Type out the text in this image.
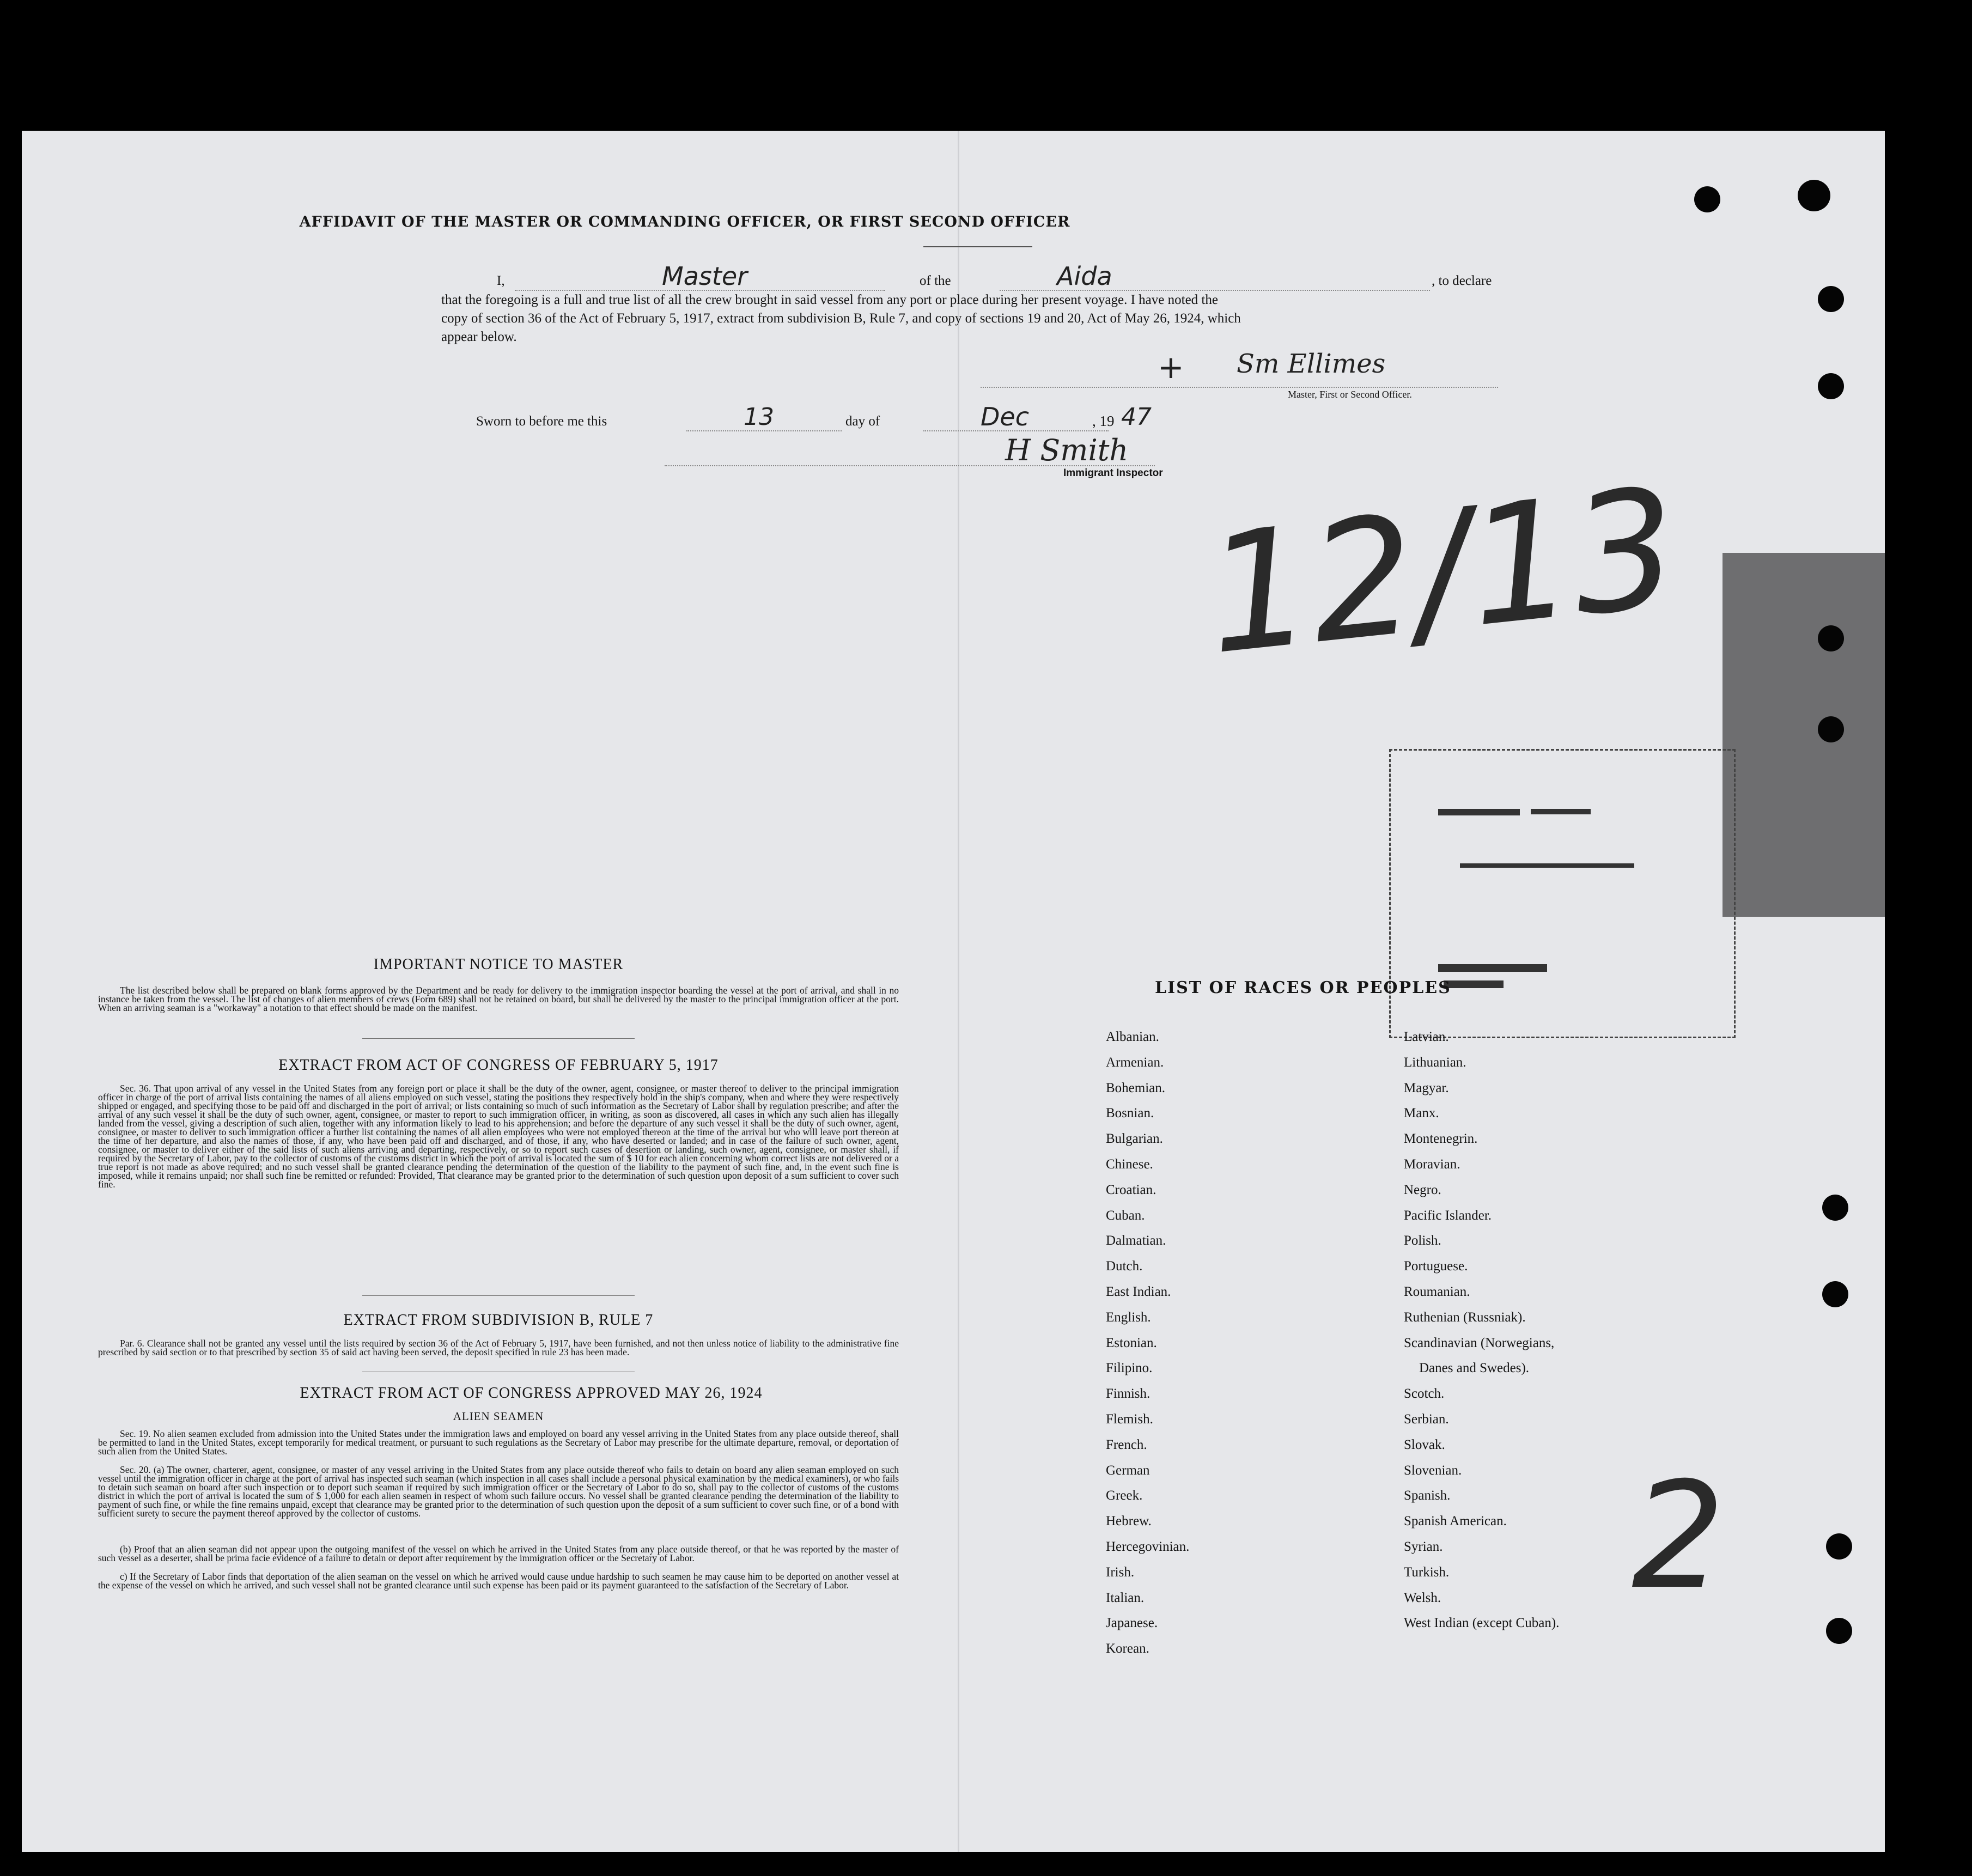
AFFIDAVIT OF THE MASTER OR COMMANDING OFFICER, OR FIRST SECOND OFFICER
I,	Master	of the	Aida	, to declare
that the foregoing is a full and true list of all the crew brought in said vessel from any port or place during her present voyage. I have noted the
copy of section 36 of the Act of February 5, 1917, extract from subdivision B, Rule 7, and copy of sections 19 and 20, Act of May 26, 1924, which
appear below.
+ Sm Ellimes
Master, First or Second Officer.
Sworn to before me this	13	day of	Dec	, 19 47
H Smith
Immigrant Inspector 12/13
2
IMPORTANT NOTICE TO MASTER
The list described below shall be prepared on blank forms approved by the Department and be ready for delivery to the immigration inspector boarding the vessel at the port of arrival, and shall in no instance be taken from the vessel. The list of changes of alien members of crews (Form 689) shall not be retained on board, but shall be delivered by the master to the principal immigration officer at the port. When an arriving seaman is a "workaway" a notation to that effect should be made on the manifest.
EXTRACT FROM ACT OF CONGRESS OF FEBRUARY 5, 1917
Sec. 36. That upon arrival of any vessel in the United States from any foreign port or place it shall be the duty of the owner, agent, consignee, or master thereof to deliver to the principal immigration officer in charge of the port of arrival lists containing the names of all aliens employed on such vessel, stating the positions they respectively hold in the ship's company, when and where they were respectively shipped or engaged, and specifying those to be paid off and discharged in the port of arrival; or lists containing so much of such information as the Secretary of Labor shall by regulation prescribe; and after the arrival of any such vessel it shall be the duty of such owner, agent, consignee, or master to report to such immigration officer, in writing, as soon as discovered, all cases in which any such alien has illegally landed from the vessel, giving a description of such alien, together with any information likely to lead to his apprehension; and before the departure of any such vessel it shall be the duty of such owner, agent, consignee, or master to deliver to such immigration officer a further list containing the names of all alien employees who were not employed thereon at the time of the arrival but who will leave port thereon at the time of her departure, and also the names of those, if any, who have been paid off and discharged, and of those, if any, who have deserted or landed; and in case of the failure of such owner, agent, consignee, or master to deliver either of the said lists of such aliens arriving and departing, respectively, or so to report such cases of desertion or landing, such owner, agent, consignee, or master shall, if required by the Secretary of Labor, pay to the collector of customs of the customs district in which the port of arrival is located the sum of $ 10 for each alien concerning whom correct lists are not delivered or a true report is not made as above required; and no such vessel shall be granted clearance pending the determination of the question of the liability to the payment of such fine, and, in the event such fine is imposed, while it remains unpaid; nor shall such fine be remitted or refunded: Provided, That clearance may be granted prior to the determination of such question upon deposit of a sum sufficient to cover such fine.
EXTRACT FROM SUBDIVISION B, RULE 7
Par. 6. Clearance shall not be granted any vessel until the lists required by section 36 of the Act of February 5, 1917, have been furnished, and not then unless notice of liability to the administrative fine prescribed by said section or to that prescribed by section 35 of said act having been served, the deposit specified in rule 23 has been made.
EXTRACT FROM ACT OF CONGRESS APPROVED MAY 26, 1924
ALIEN SEAMEN
Sec. 19. No alien seamen excluded from admission into the United States under the immigration laws and employed on board any vessel arriving in the United States from any place outside thereof, shall be permitted to land in the United States, except temporarily for medical treatment, or pursuant to such regulations as the Secretary of Labor may prescribe for the ultimate departure, removal, or deportation of such alien from the United States.
Sec. 20. (a) The owner, charterer, agent, consignee, or master of any vessel arriving in the United States from any place outside thereof who fails to detain on board any alien seaman employed on such vessel until the immigration officer in charge at the port of arrival has inspected such seaman (which inspection in all cases shall include a personal physical examination by the medical examiners), or who fails to detain such seaman on board after such inspection or to deport such seaman if required by such immigration officer or the Secretary of Labor to do so, shall pay to the collector of customs of the customs district in which the port of arrival is located the sum of $ 1,000 for each alien seamen in respect of whom such failure occurs. No vessel shall be granted clearance pending the determination of the liability to payment of such fine, or while the fine remains unpaid, except that clearance may be granted prior to the determination of such question upon the deposit of a sum sufficient to cover such fine, or of a bond with sufficient surety to secure the payment thereof approved by the collector of customs.
(b) Proof that an alien seaman did not appear upon the outgoing manifest of the vessel on which he arrived in the United States from any place outside thereof, or that he was reported by the master of such vessel as a deserter, shall be prima facie evidence of a failure to detain or deport after requirement by the immigration officer or the Secretary of Labor.
c) If the Secretary of Labor finds that deportation of the alien seaman on the vessel on which he arrived would cause undue hardship to such seamen he may cause him to be deported on another vessel at the expense of the vessel on which he arrived, and such vessel shall not be granted clearance until such expense has been paid or its payment guaranteed to the satisfaction of the Secretary of Labor.
LIST OF RACES OR PEOPLES
Albanian.
Armenian.
Bohemian.
Bosnian.
Bulgarian.
Chinese.
Croatian.
Cuban.
Dalmatian.
Dutch.
East Indian.
English.
Estonian.
Filipino.
Finnish.
Flemish.
French.
German
Greek.
Hebrew.
Hercegovinian.
Irish.
Italian.
Japanese.
Korean.
Latvian.
Lithuanian.
Magyar.
Manx.
Montenegrin.
Moravian.
Negro.
Pacific Islander.
Polish.
Portuguese.
Roumanian.
Ruthenian (Russniak).
Scandinavian (Norwegians,
Danes and Swedes).
Scotch.
Serbian.
Slovak.
Slovenian.
Spanish.
Spanish American.
Syrian.
Turkish.
Welsh.
West Indian (except Cuban).
